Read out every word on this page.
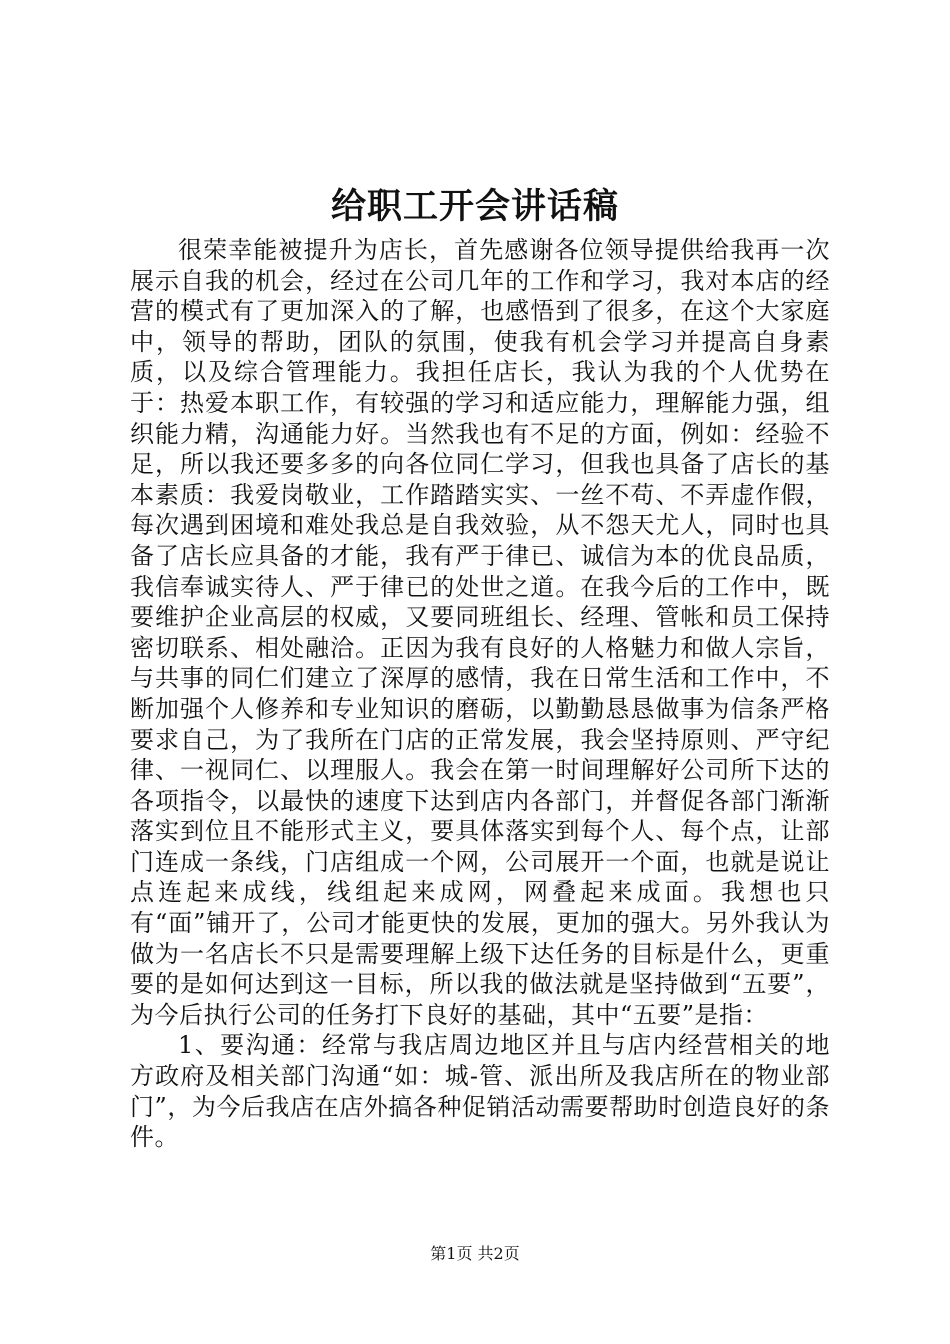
给职工开会讲话稿

很荣幸能被提升为店长，首先感谢各位领导提供给我再一次展示自我的机会，经过在公司几年的工作和学习，我对本店的经营的模式有了更加深入的了解，也感悟到了很多，在这个大家庭中，领导的帮助，团队的氛围，使我有机会学习并提高自身素质，以及综合管理能力。我担任店长，我认为我的个人优势在于：热爱本职工作，有较强的学习和适应能力，理解能力强，组织能力精，沟通能力好。当然我也有不足的方面，例如：经验不足，所以我还要多多的向各位同仁学习，但我也具备了店长的基本素质：我爱岗敬业，工作踏踏实实、一丝不苟、不弄虚作假，每次遇到困境和难处我总是自我效验，从不怨天尤人，同时也具备了店长应具备的才能，我有严于律已、诚信为本的优良品质，我信奉诚实待人、严于律已的处世之道。在我今后的工作中，既要维护企业高层的权威，又要同班组长、经理、管帐和员工保持密切联系、相处融洽。正因为我有良好的人格魅力和做人宗旨，与共事的同仁们建立了深厚的感情，我在日常生活和工作中，不断加强个人修养和专业知识的磨砺，以勤勤恳恳做事为信条严格要求自己，为了我所在门店的正常发展，我会坚持原则、严守纪律、一视同仁、以理服人。我会在第一时间理解好公司所下达的各项指令，以最快的速度下达到店内各部门，并督促各部门渐渐落实到位且不能形式主义，要具体落实到每个人、每个点，让部门连成一条线，门店组成一个网，公司展开一个面，也就是说让点连起来成线，线组起来成网，网叠起来成面。我想也只有“面”铺开了，公司才能更快的发展，更加的强大。另外我认为做为一名店长不只是需要理解上级下达任务的目标是什么，更重要的是如何达到这一目标，所以我的做法就是坚持做到“五要”，为今后执行公司的任务打下良好的基础，其中“五要”是指：

1、要沟通：经常与我店周边地区并且与店内经营相关的地方政府及相关部门沟通“如：城-管、派出所及我店所在的物业部门”，为今后我店在店外搞各种促销活动需要帮助时创造良好的条件。

第1页 共2页
